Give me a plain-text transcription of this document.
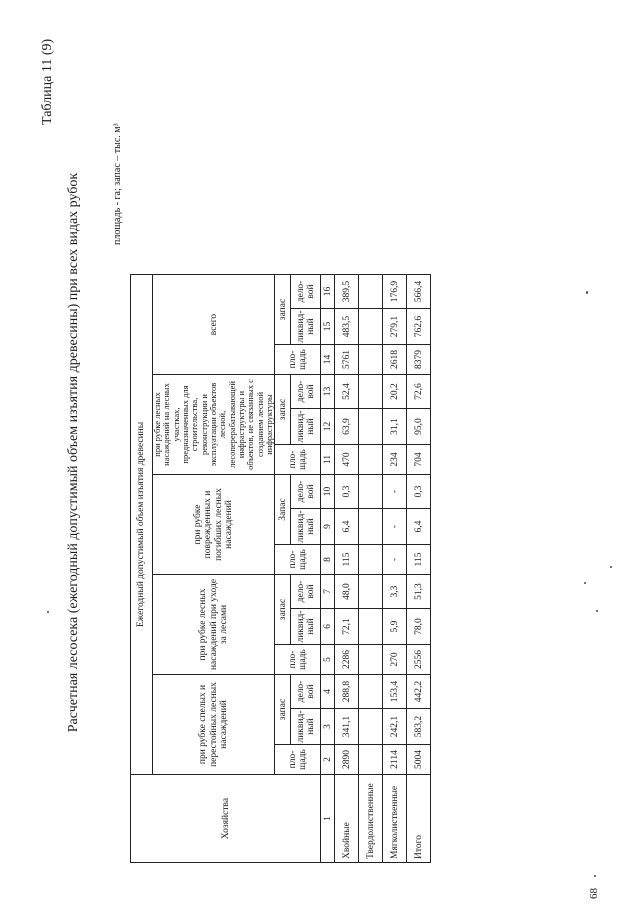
Таблица 11 (9)
Расчетная лесосека (ежегодный допустимый объем изъятия древесины) при всех видах рубок	площадь - га; запас – тыс. м³
68
Хозяйства	Ежегодный допустимый объем изъятия древесины														
	при рубке спелых и перестойных лесных насаждений			при рубке лесных насаждений при уходе за лесами			при рубке поврежденных и погибших лесных насаждений			при рубке лесных насаждений на лесных участках, предназначенных для строительства, реконструкции и эксплуатации объектов лесной, лесоперерабатывающей инфраструктуры и объектов, не связанных с созданием лесной инфраструктуры			всего		
	пло-щадь	запас		пло-щадь	запас		пло-щадь	Запас		пло-щадь	запас		пло-щадь	запас	
		ликвид-ный	дело-вой		ликвид-ный	дело-вой		ликвид-ный	дело-вой		ликвид-ный	дело-вой		ликвид-ный	дело-вой

1	2	3	4	5	6	7	8	9	10	11	12	13	14	15	16
Хвойные	2890	341,1	288,8	2286	72,1	48,0	115	6,4	0,3	470	63,9	52,4	5761	483,5	389,5
Твердолиственные															
Мягколиственные	2114	242,1	153,4	270	5,9	3,3	-	-	-	234	31,1	20,2	2618	279,1	176,9
Итого	5004	583,2	442,2	2556	78,0	51,3	115	6,4	0,3	704	95,0	72,6	8379	762,6	566,4
